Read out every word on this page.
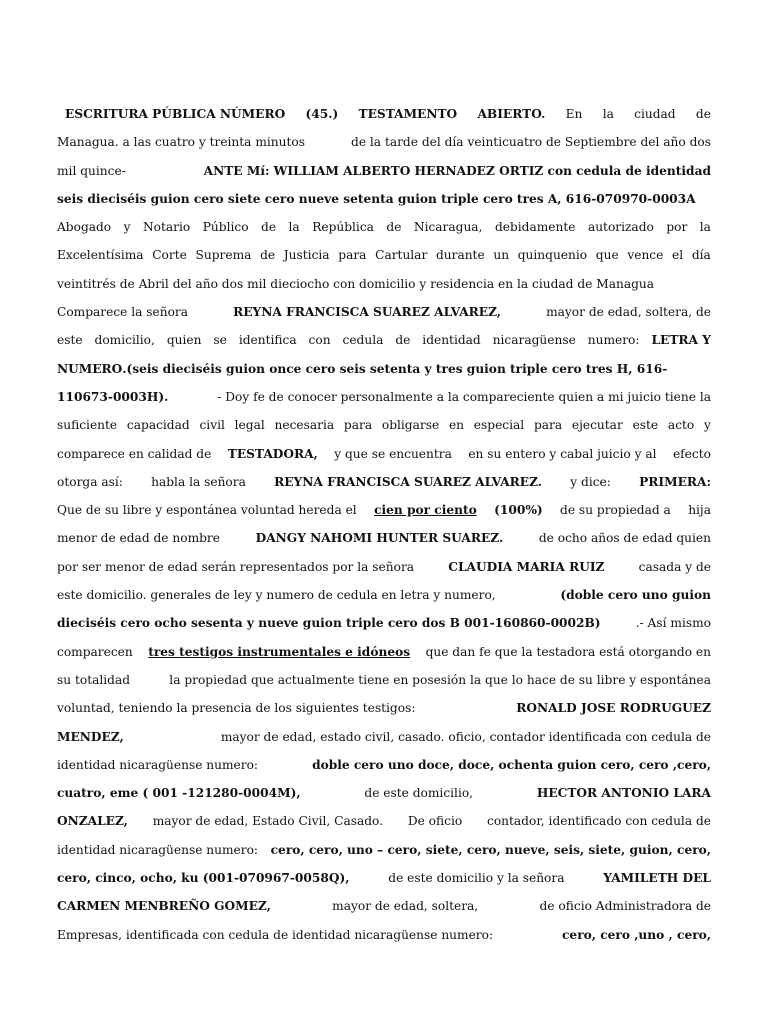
ESCRITURA PÚBLICA NÚMERO (45.) TESTAMENTO ABIERTO. En la ciudad de
Managua. a las cuatro y treinta minutos	de la tarde del día veinticuatro de Septiembre del año dos
mil quince-	ANTE Mí: WILLIAM ALBERTO HERNADEZ ORTIZ con cedula de identidad
seis dieciséis guion cero siete cero nueve setenta guion triple cero tres A, 616-070970-0003A
Abogado y Notario Público de la República de Nicaragua, debidamente autorizado por la
Excelentísima Corte Suprema de Justicia para Cartular durante un quinquenio que vence el día
veintitrés de Abril del año dos mil dieciocho con domicilio y residencia en la ciudad de Managua
Comparece la señora	REYNA FRANCISCA SUAREZ ALVAREZ,	mayor de edad, soltera, de
este domicilio, quien se identifica con cedula de identidad nicaragüense numero: LETRA Y
NUMERO .(seis dieciséis guion once cero seis setenta y tres guion triple cero tres H, 616-
110673-0003H).	- Doy fe de conocer personalmente a la compareciente quien a mi juicio tiene la
suficiente capacidad civil legal necesaria para obligarse en especial para ejecutar este acto y
comparece en calidad de TESTADORA, y que se encuentra en su entero y cabal juicio y al efecto
otorga así: habla la señora REYNA FRANCISCA SUAREZ ALVAREZ. y dice: PRIMERA:
Que de su libre y espontánea voluntad hereda el cien por ciento (100%) de su propiedad a hija
menor de edad de nombre	DANGY NAHOMI HUNTER SUAREZ.	de ocho años de edad quien
por ser menor de edad serán representados por la señora	CLAUDIA MARIA RUIZ	casada y de
este domicilio. generales de ley y numero de cedula en letra y numero,	(doble cero uno guion
dieciséis cero ocho sesenta y nueve guion triple cero dos B 001-160860-0002B)	.- Así mismo
comparecen tres testigos instrumentales e idóneos que dan fe que la testadora está otorgando en
su totalidad	la propiedad que actualmente tiene en posesión la que lo hace de su libre y espontánea
voluntad, teniendo la presencia de los siguientes testigos:	RONALD JOSE RODRUGUEZ
MENDEZ,	mayor de edad, estado civil, casado. oficio, contador identificada con cedula de
identidad nicaragüense numero:	doble cero uno doce, doce, ochenta guion cero, cero ,cero,
cuatro, eme ( 001 -121280-0004M),	de este domicilio,	HECTOR ANTONIO LARA
ONZALEZ, mayor de edad, Estado Civil, Casado. De oficio contador, identificado con cedula de
identidad nicaragüense numero: cero, cero, uno – cero, siete, cero, nueve, seis, siete, guion, cero,
cero, cinco, ocho, ku (001-070967-0058Q),	de este domicilio y la señora	YAMILETH DEL
CARMEN MENBREÑO GOMEZ,	mayor de edad, soltera,	de oficio Administradora de
Empresas, identificada con cedula de identidad nicaragüense numero:	cero, cero ,uno , cero,
